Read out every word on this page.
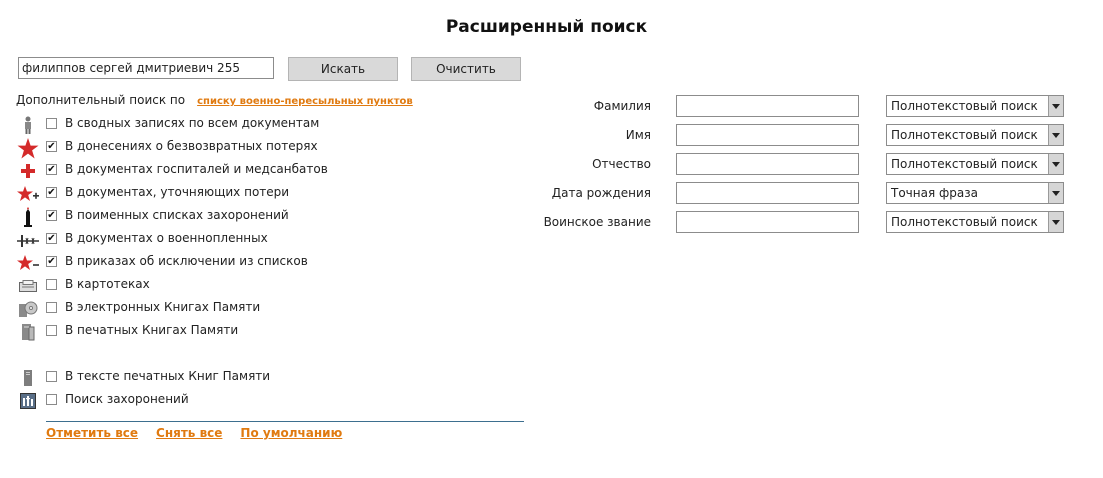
Расширенный поиск
филиппов сергей дмитриевич 255
Искать	Очистить
Дополнительный поиск по списку военно-пересыльных пунктов
В сводных записях по всем документам
✔ В донесениях о безвозвратных потерях
✔ В документах госпиталей и медсанбатов
✔ В документах, уточняющих потери
✔ В поименных списках захоронений
✔ В документах о военнопленных
✔ В приказах об исключении из списков
В картотеках
В электронных Книгах Памяти
В печатных Книгах Памяти
В тексте печатных Книг Памяти
Поиск захоронений
Отметить все Снять все По умолчанию
Фамилия	Полнотекстовый поиск
Имя	Полнотекстовый поиск
Отчество	Полнотекстовый поиск
Дата рождения	Точная фраза
Воинское звание	Полнотекстовый поиск
